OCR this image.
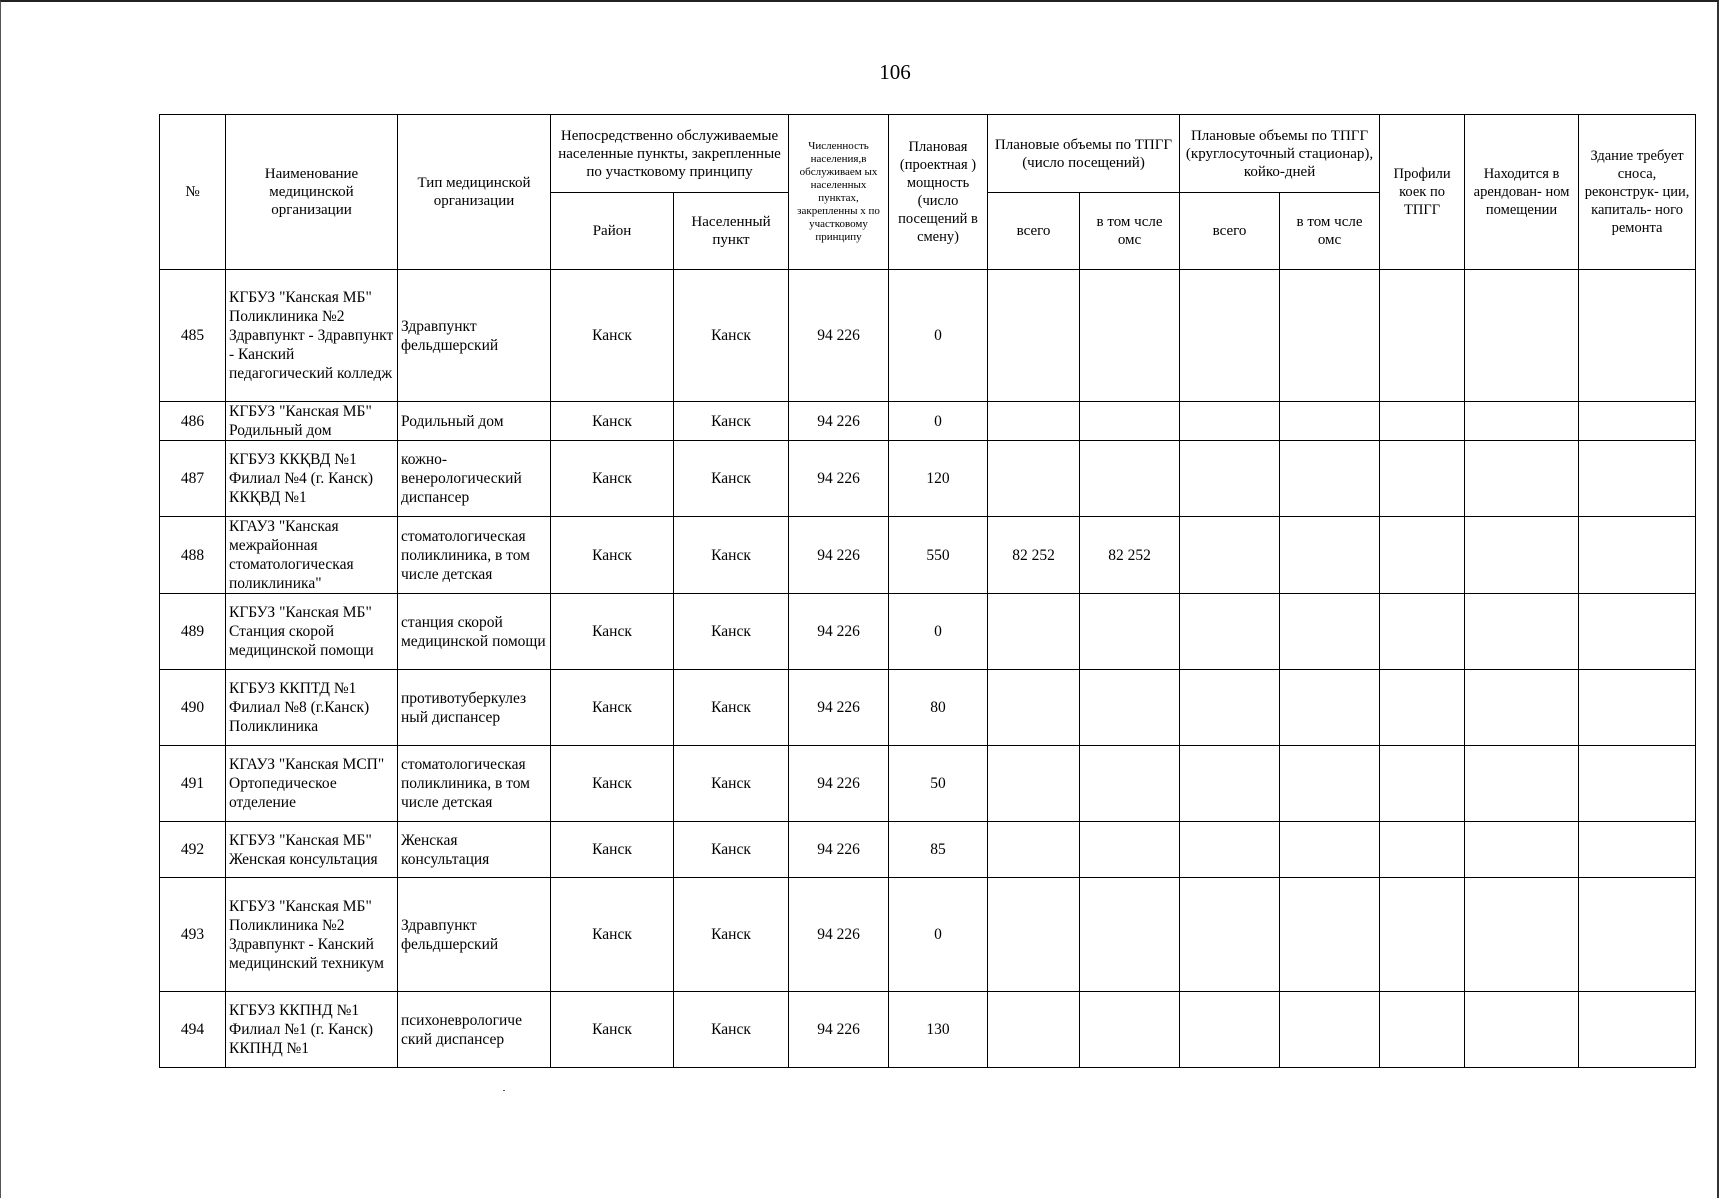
106
№	Наименование медицинской организации	Тип медицинской организации	Непосредственно обслуживаемые населенные пункты, закрепленные по участковому принципу		Численность населения,в обслуживаем ых населенных пунктах, закрепленны х по участковому принципу	Плановая (проектная ) мощность (число посещений в смену)	Плановые объемы по ТПГГ (число посещений)		Плановые объемы по ТПГГ (круглосуточный стационар), койко-дней		Профили коек по ТПГГ	Находится в арендован- ном помещении	Здание требует сноса, реконструк- ции, капиталь- ного ремонта
			Район	Населенный пункт			всего	в том чсле омс	всего	в том чсле омс			
485	КГБУЗ "Канская МБ" Поликлиника №2 Здравпункт - Здравпункт - Канский педагогический колледж	Здравпункт фельдшерский	Канск	Канск	94 226	0							
486	КГБУЗ "Канская МБ" Родильный дом	Родильный дом	Канск	Канск	94 226	0							
487	КГБУЗ ККҚВД №1 Филиал №4 (г. Канск) ККҚВД №1	кожно-венерологический диспансер	Канск	Канск	94 226	120							
488	КГАУЗ "Канская межрайонная стоматологическая поликлиника"	стоматологическая поликлиника, в том числе детская	Канск	Канск	94 226	550	82 252	82 252					
489	КГБУЗ "Канская МБ" Станция скорой медицинской помощи	станция скорой медицинской помощи	Канск	Канск	94 226	0							
490	КГБУЗ ККПТД №1 Филиал №8 (г.Канск) Поликлиника	противотуберкулез ный диспансер	Канск	Канск	94 226	80							
491	КГАУЗ "Канская МСП" Ортопедическое отделение	стоматологическая поликлиника, в том числе детская	Канск	Канск	94 226	50							
492	КГБУЗ "Канская МБ" Женская консультация	Женская консультация	Канск	Канск	94 226	85							
493	КГБУЗ "Канская МБ" Поликлиника №2 Здравпункт - Канский медицинский техникум	Здравпункт фельдшерский	Канск	Канск	94 226	0							
494	КГБУЗ ККПНД №1 Филиал №1 (г. Канск) ККПНД №1	психоневрологиче ский диспансер	Канск	Канск	94 226	130							
